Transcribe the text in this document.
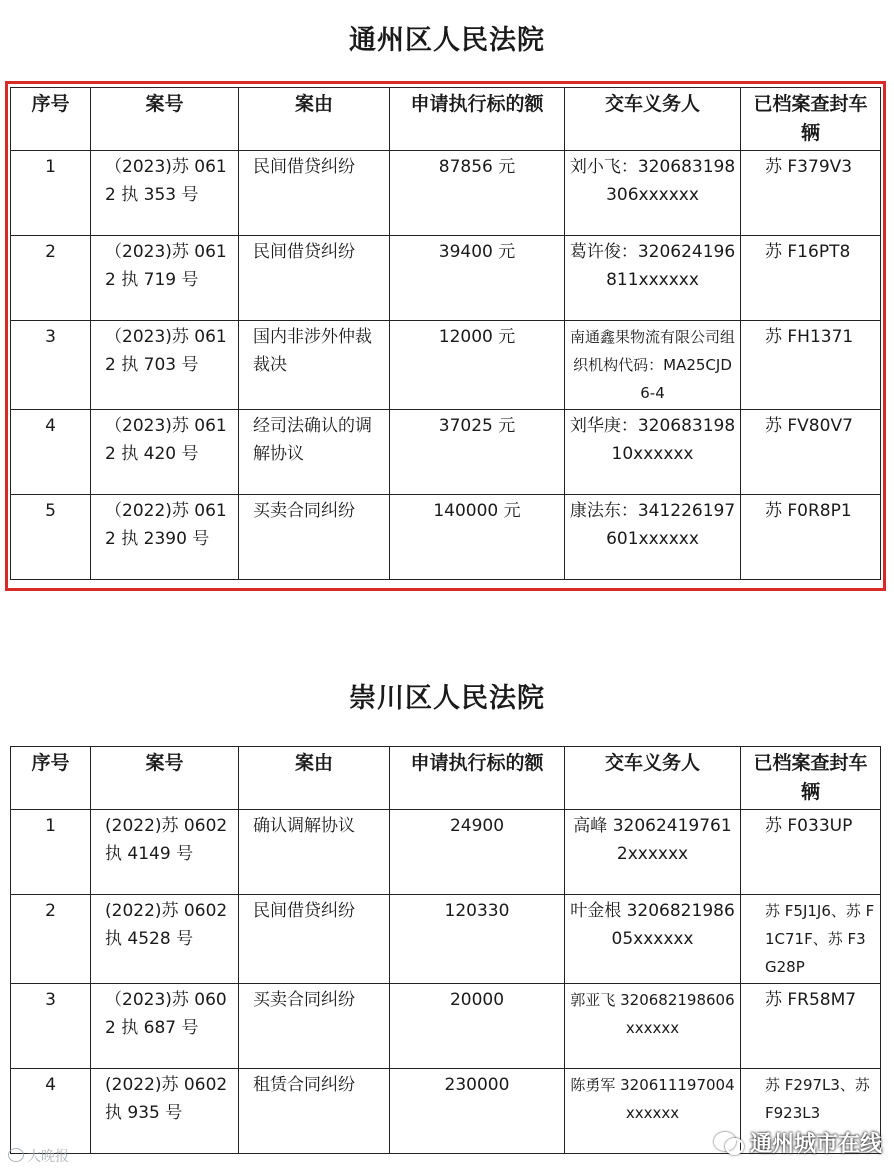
通州区人民法院
序号	案号	案由	申请执行标的额	交车义务人	已档案查封车辆
1	（2023)苏 0612 执 353 号	民间借贷纠纷	87856 元	刘小飞：320683198306xxxxxx	苏 F379V3
2	（2023)苏 0612 执 719 号	民间借贷纠纷	39400 元	葛许俊：320624196811xxxxxx	苏 F16PT8
3	（2023)苏 0612 执 703 号	国内非涉外仲裁裁决	12000 元	南通鑫果物流有限公司组织机构代码：MA25CJD6-4	苏 FH1371
4	（2023)苏 0612 执 420 号	经司法确认的调解协议	37025 元	刘华庚：32068319810xxxxxx	苏 FV80V7
5	（2022)苏 0612 执 2390 号	买卖合同纠纷	140000 元	康法东：341226197601xxxxxx	苏 F0R8P1
崇川区人民法院
序号	案号	案由	申请执行标的额	交车义务人	已档案查封车辆
1	(2022)苏 0602 执 4149 号	确认调解协议	24900	高峰 320624197612xxxxxx	苏 F033UP
2	(2022)苏 0602 执 4528 号	民间借贷纠纷	120330	叶金根 320682198605xxxxxx	苏 F5J1J6、苏 F1C71F、苏 F3G28P
3	（2023)苏 0602 执 687 号	买卖合同纠纷	20000	郭亚飞 320682198606xxxxxx	苏 FR58M7
4	(2022)苏 0602 执 935 号	租赁合同纠纷	230000	陈勇军 320611197004xxxxxx	苏 F297L3、苏 F923L3
大晚报
通州城市在线
